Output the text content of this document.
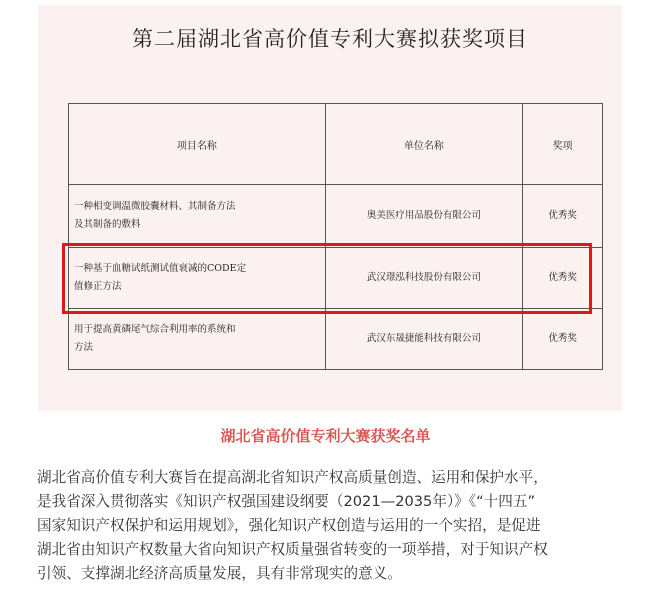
第二届湖北省高价值专利大赛拟获奖项目
项目名称	单位名称	奖项

一种相变调温微胶囊材料、其制备方法
及其制备的敷料	奥美医疗用品股份有限公司	优秀奖

一种基于血糖试纸测试值衰减的CODE定
值修正方法	武汉璟泓科技股份有限公司	优秀奖

用于提高黄磷尾气综合利用率的系统和
方法	武汉东晟捷能科技有限公司	优秀奖
湖北省高价值专利大赛获奖名单

湖北省高价值专利大赛旨在提高湖北省知识产权高质量创造、运用和保护水平，

是我省深入贯彻落实《知识产权强国建设纲要（2021—2035年）》《“十四五”

国家知识产权保护和运用规划》，强化知识产权创造与运用的一个实招，是促进

湖北省由知识产权数量大省向知识产权质量强省转变的一项举措，对于知识产权

引领、支撑湖北经济高质量发展，具有非常现实的意义。
